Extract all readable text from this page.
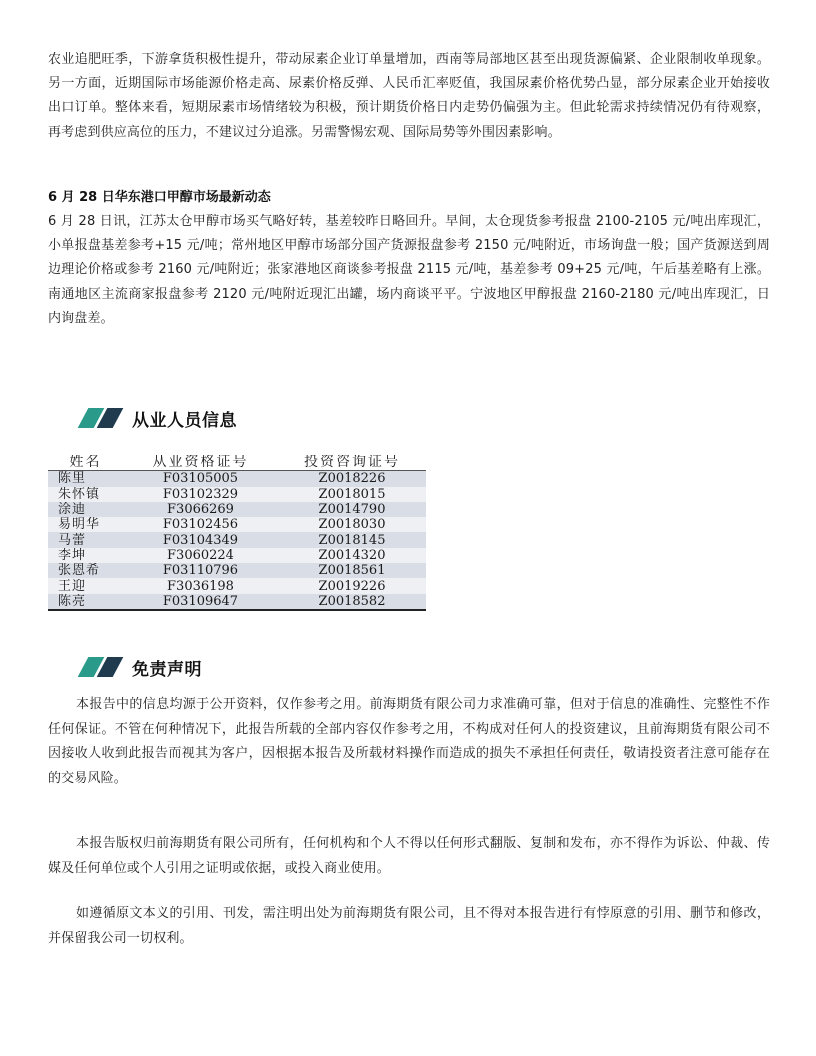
农业追肥旺季，下游拿货积极性提升，带动尿素企业订单量增加，西南等局部地区甚至出现货源偏紧、企业限制收单现象。另一方面，近期国际市场能源价格走高、尿素价格反弹、人民币汇率贬值，我国尿素价格优势凸显，部分尿素企业开始接收出口订单。整体来看，短期尿素市场情绪较为积极，预计期货价格日内走势仍偏强为主。但此轮需求持续情况仍有待观察，再考虑到供应高位的压力，不建议过分追涨。另需警惕宏观、国际局势等外围因素影响。

6 月 28 日华东港口甲醇市场最新动态

6 月 28 日讯，江苏太仓甲醇市场买气略好转，基差较昨日略回升。早间，太仓现货参考报盘 2100-2105 元/吨出库现汇，小单报盘基差参考+15 元/吨；常州地区甲醇市场部分国产货源报盘参考 2150 元/吨附近，市场询盘一般；国产货源送到周边理论价格或参考 2160 元/吨附近；张家港地区商谈参考报盘 2115 元/吨，基差参考 09+25 元/吨，午后基差略有上涨。南通地区主流商家报盘参考 2120 元/吨附近现汇出罐，场内商谈平平。宁波地区甲醇报盘 2160-2180 元/吨出库现汇，日内询盘差。

从业人员信息
姓名	从业资格证号	投资咨询证号
陈里	F03105005	Z0018226
朱怀镇	F03102329	Z0018015
涂迪	F3066269	Z0014790
易明华	F03102456	Z0018030
马蕾	F03104349	Z0018145
李坤	F3060224	Z0014320
张恩希	F03110796	Z0018561
王迎	F3036198	Z0019226
陈亮	F03109647	Z0018582
免责声明

本报告中的信息均源于公开资料，仅作参考之用。前海期货有限公司力求准确可靠，但对于信息的准确性、完整性不作任何保证。不管在何种情况下，此报告所载的全部内容仅作参考之用，不构成对任何人的投资建议，且前海期货有限公司不因接收人收到此报告而视其为客户，因根据本报告及所载材料操作而造成的损失不承担任何责任，敬请投资者注意可能存在的交易风险。

本报告版权归前海期货有限公司所有，任何机构和个人不得以任何形式翻版、复制和发布，亦不得作为诉讼、仲裁、传媒及任何单位或个人引用之证明或依据，或投入商业使用。

如遵循原文本义的引用、刊发，需注明出处为前海期货有限公司，且不得对本报告进行有悖原意的引用、删节和修改，并保留我公司一切权利。
